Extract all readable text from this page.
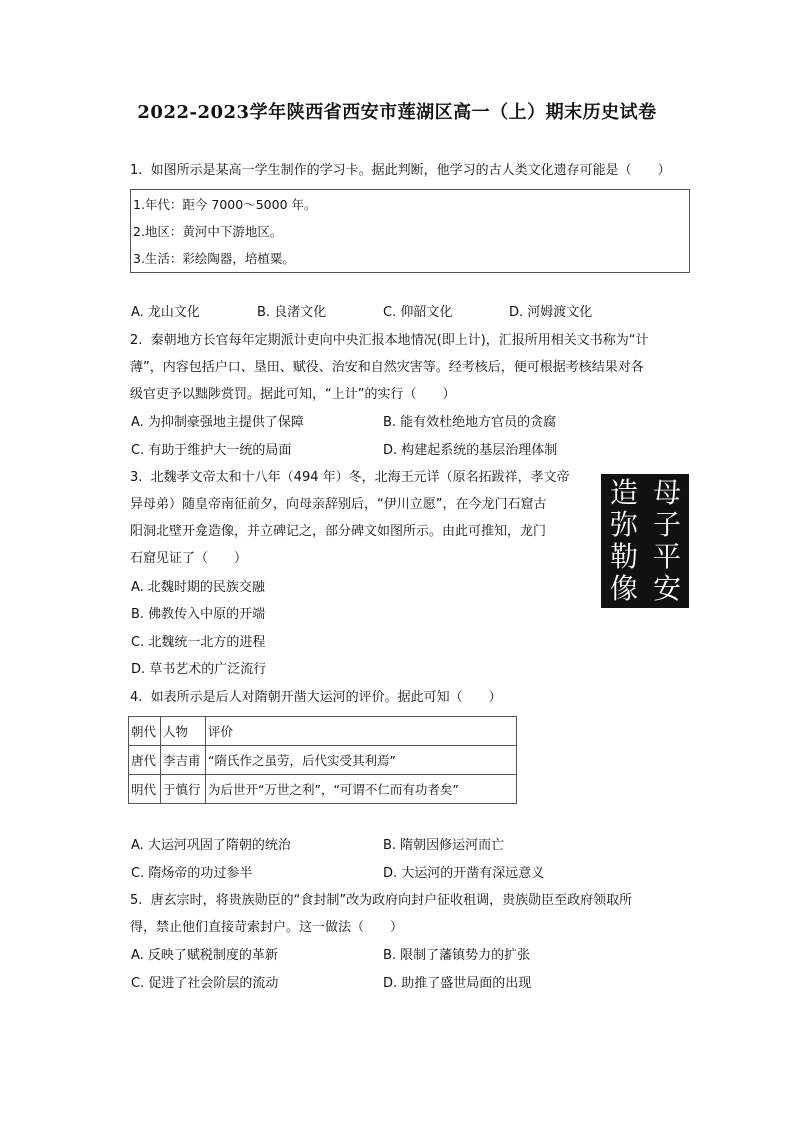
2022-2023学年陕西省西安市莲湖区高一（上）期末历史试卷
1.  如图所示是某高一学生制作的学习卡。据此判断，他学习的古人类文化遗存可能是（　　）
1.年代：距今 7000～5000 年。
2.地区：黄河中下游地区。
3.生活：彩绘陶器，培植粟。
A. 龙山文化	B. 良渚文化	C. 仰韶文化	D. 河姆渡文化
2.  秦朝地方长官每年定期派计吏向中央汇报本地情况(即上计)，汇报所用相关文书称为“计
薄”，内容包括户口、垦田、赋役、治安和自然灾害等。经考核后，便可根据考核结果对各
级官吏予以黜陟赏罚。据此可知，“上计”的实行（　　）
A. 为抑制豪强地主提供了保障	B. 能有效杜绝地方官员的贪腐
C. 有助于维护大一统的局面	D. 构建起系统的基层治理体制
3.  北魏孝文帝太和十八年（494 年）冬，北海王元详（原名拓跋祥，孝文帝
异母弟）随皇帝南征前夕，向母亲辞别后，“伊川立愿”，在今龙门石窟古
阳洞北壁开龛造像，并立碑记之，部分碑文如图所示。由此可推知，龙门
石窟见证了（　　）
A. 北魏时期的民族交融
B. 佛教传入中原的开端
C. 北魏统一北方的进程
D. 草书艺术的广泛流行
母
子
平
安
造
弥
勒
像
4.  如表所示是后人对隋朝开凿大运河的评价。据此可知（　　）
朝代	人物	评价
唐代	李吉甫	“隋氏作之虽劳，后代实受其利焉”
明代	于慎行	为后世开“万世之利”，“可谓不仁而有功者矣”
A. 大运河巩固了隋朝的统治	B. 隋朝因修运河而亡
C. 隋炀帝的功过参半	D. 大运河的开凿有深远意义
5.  唐玄宗时，将贵族勋臣的“食封制”改为政府向封户征收租调，贵族勋臣至政府领取所
得，禁止他们直接苛索封户。这一做法（　　）
A. 反映了赋税制度的革新	B. 限制了藩镇势力的扩张
C. 促进了社会阶层的流动	D. 助推了盛世局面的出现
